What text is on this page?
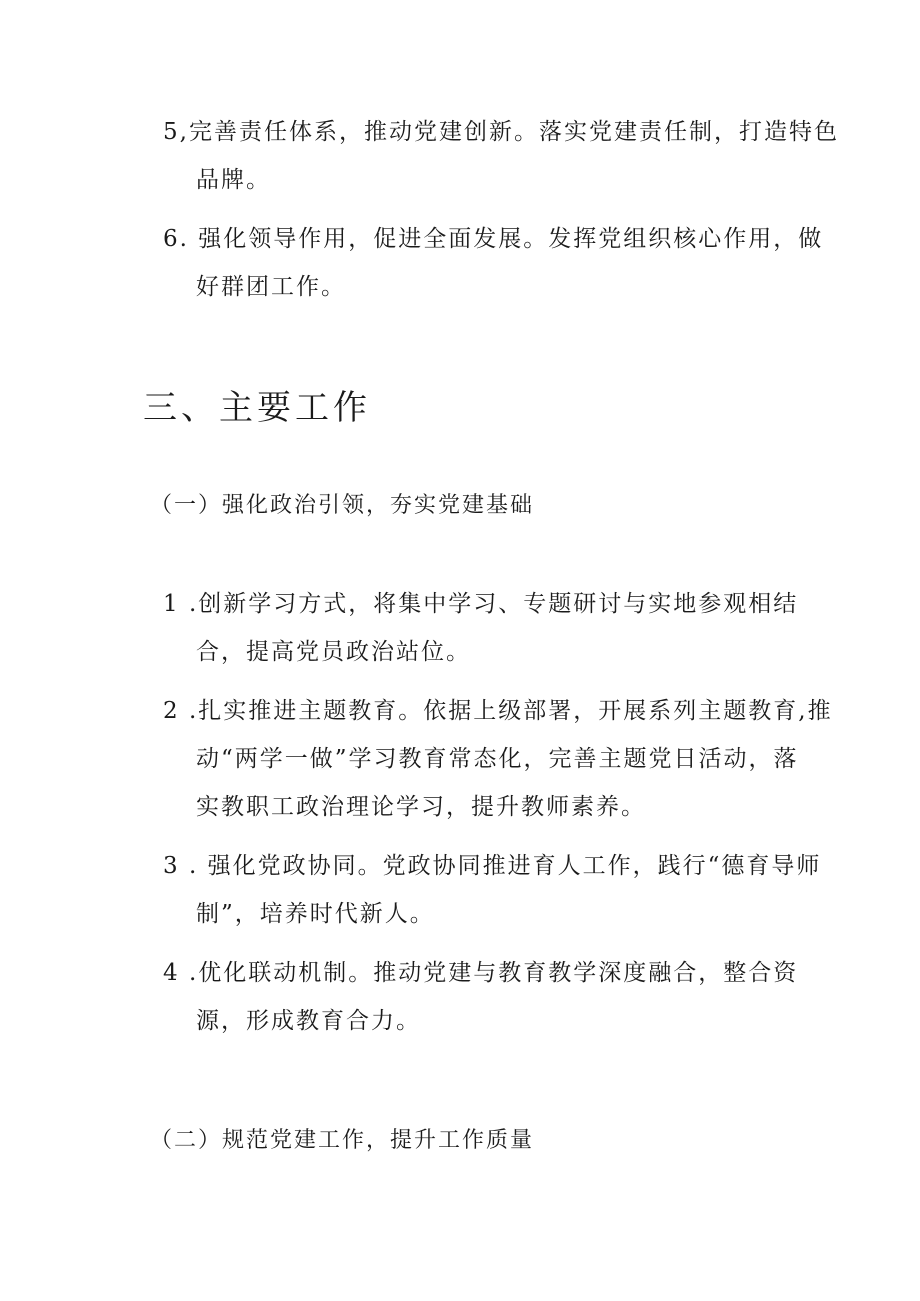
5,完善责任体系，推动党建创新。落实党建责任制，打造特色
品牌。
6. 强化领导作用，促进全面发展。发挥党组织核心作用，做
好群团工作。
三、主要工作
（一）强化政治引领，夯实党建基础
1 .创新学习方式，将集中学习、专题研讨与实地参观相结
合，提高党员政治站位。
2 .扎实推进主题教育。依据上级部署，开展系列主题教育,推
动“两学一做”学习教育常态化，完善主题党日活动，落
实教职工政治理论学习，提升教师素养。
3 . 强化党政协同。党政协同推进育人工作，践行“德育导师
制”，培养时代新人。
4 .优化联动机制。推动党建与教育教学深度融合，整合资
源，形成教育合力。
（二）规范党建工作，提升工作质量
